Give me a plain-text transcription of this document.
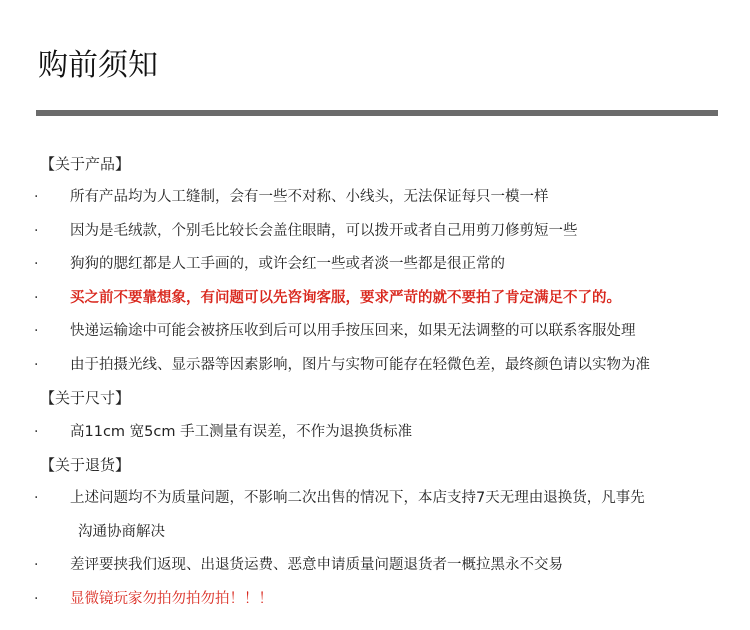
购前须知
【关于产品】
· 所有产品均为人工缝制，会有一些不对称、小线头，无法保证每只一模一样
· 因为是毛绒款，个别毛比较长会盖住眼睛，可以拨开或者自己用剪刀修剪短一些
· 狗狗的腮红都是人工手画的，或许会红一些或者淡一些都是很正常的
· 买之前不要靠想象，有问题可以先咨询客服，要求严苛的就不要拍了肯定满足不了的。
· 快递运输途中可能会被挤压收到后可以用手按压回来，如果无法调整的可以联系客服处理
· 由于拍摄光线、显示器等因素影响，图片与实物可能存在轻微色差，最终颜色请以实物为准
【关于尺寸】
· 高11cm 宽5cm 手工测量有误差，不作为退换货标准
【关于退货】
· 上述问题均不为质量问题，不影响二次出售的情况下，本店支持7天无理由退换货，凡事先
沟通协商解决
· 差评要挟我们返现、出退货运费、恶意申请质量问题退货者一概拉黑永不交易
· 显微镜玩家勿拍勿拍勿拍！！！
